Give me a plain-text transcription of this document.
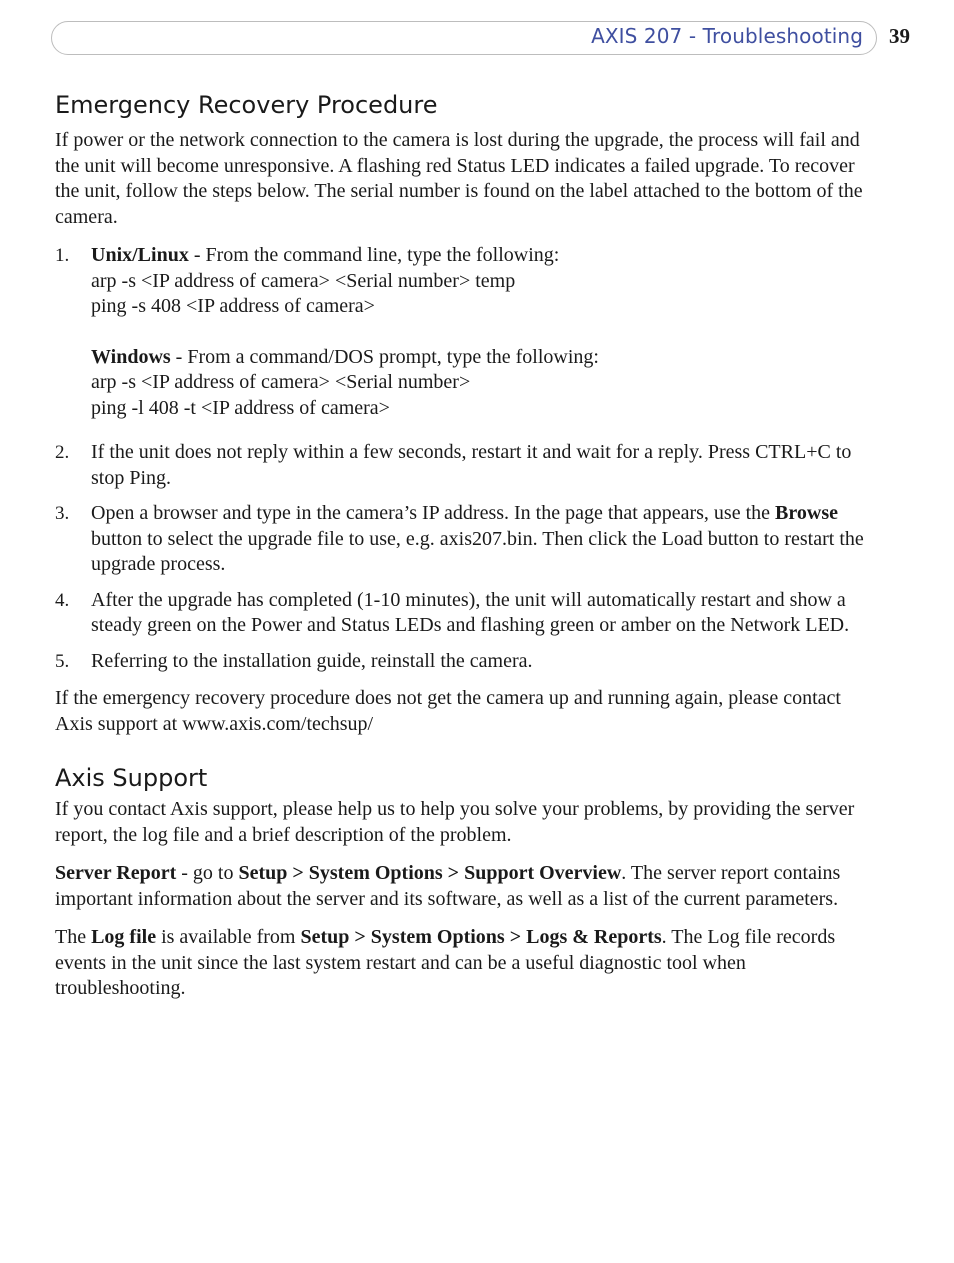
AXIS 207 - Troubleshooting 39
Emergency Recovery Procedure

If power or the network connection to the camera is lost during the upgrade, the process will fail and the unit will become unresponsive. A flashing red Status LED indicates a failed upgrade. To recover the unit, follow the steps below. The serial number is found on the label attached to the bottom of the camera.

1. Unix/Linux - From the command line, type the following:
arp -s <IP address of camera> <Serial number> temp
ping -s 408 <IP address of camera>
Windows - From a command/DOS prompt, type the following:
arp -s <IP address of camera> <Serial number>
ping -l 408 -t <IP address of camera>
2. If the unit does not reply within a few seconds, restart it and wait for a reply. Press CTRL+C to stop Ping.
3. Open a browser and type in the camera’s IP address. In the page that appears, use the Browse button to select the upgrade file to use, e.g. axis207.bin. Then click the Load button to restart the upgrade process.
4. After the upgrade has completed (1-10 minutes), the unit will automatically restart and show a steady green on the Power and Status LEDs and flashing green or amber on the Network LED.
5. Referring to the installation guide, reinstall the camera.

If the emergency recovery procedure does not get the camera up and running again, please contact Axis support at www.axis.com/techsup/

Axis Support

If you contact Axis support, please help us to help you solve your problems, by providing the server report, the log file and a brief description of the problem.

Server Report - go to Setup > System Options > Support Overview. The server report contains important information about the server and its software, as well as a list of the current parameters.

The Log file is available from Setup > System Options > Logs & Reports. The Log file records events in the unit since the last system restart and can be a useful diagnostic tool when troubleshooting.
